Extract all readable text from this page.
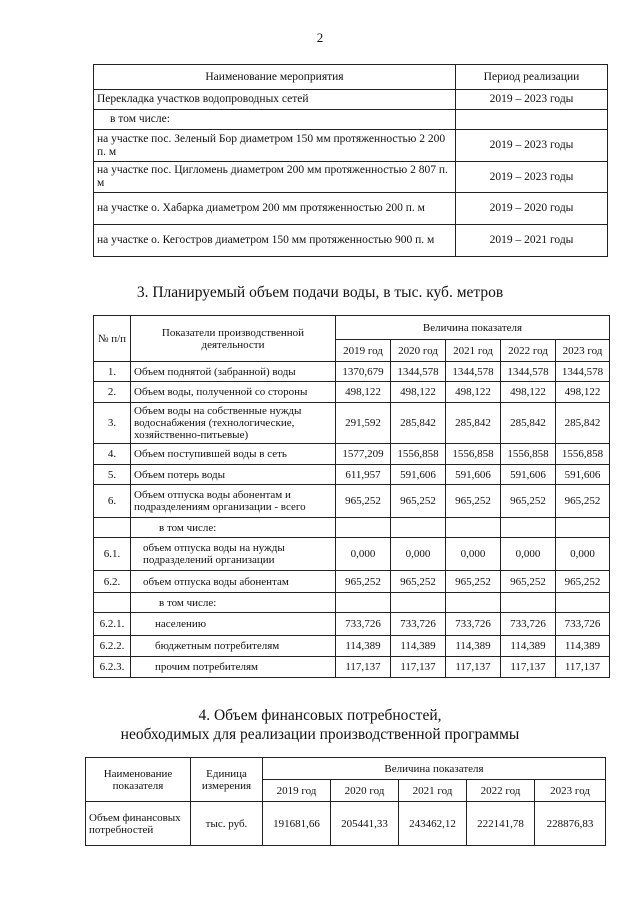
2
Наименование мероприятия	Период реализации
Перекладка участков водопроводных сетей	2019 – 2023 годы
в том числе:	
на участке пос. Зеленый Бор диаметром 150 мм протяженностью 2 200 п. м	2019 – 2023 годы
на участке пос. Цигломень диаметром 200 мм протяженностью 2 807 п. м	2019 – 2023 годы
на участке о. Хабарка диаметром 200 мм протяженностью 200 п. м	2019 – 2020 годы
на участке о. Кегостров диаметром 150 мм протяженностью 900 п. м	2019 – 2021 годы
3. Планируемый объем подачи воды, в тыс. куб. метров
№ п/п	Показатели производственной деятельности	Величина показателя				
		2019 год	2020 год	2021 год	2022 год	2023 год
1.	Объем поднятой (забранной) воды	1370,679	1344,578	1344,578	1344,578	1344,578
2.	Объем воды, полученной со стороны	498,122	498,122	498,122	498,122	498,122
3.	Объем воды на собственные нужды водоснабжения (технологические, хозяйственно-питьевые)	291,592	285,842	285,842	285,842	285,842
4.	Объем поступившей воды в сеть	1577,209	1556,858	1556,858	1556,858	1556,858
5.	Объем потерь воды	611,957	591,606	591,606	591,606	591,606
6.	Объем отпуска воды абонентам и подразделениям организации - всего	965,252	965,252	965,252	965,252	965,252
	в том числе:					
6.1.	объем отпуска воды на нужды подразделений организации	0,000	0,000	0,000	0,000	0,000
6.2.	объем отпуска воды абонентам	965,252	965,252	965,252	965,252	965,252
	в том числе:					
6.2.1.	населению	733,726	733,726	733,726	733,726	733,726
6.2.2.	бюджетным потребителям	114,389	114,389	114,389	114,389	114,389
6.2.3.	прочим потребителям	117,137	117,137	117,137	117,137	117,137
4. Объем финансовых потребностей,
необходимых для реализации производственной программы
Наименование показателя	Единица измерения	Величина показателя				
		2019 год	2020 год	2021 год	2022 год	2023 год
Объем финансовых потребностей	тыс. руб.	191681,66	205441,33	243462,12	222141,78	228876,83
